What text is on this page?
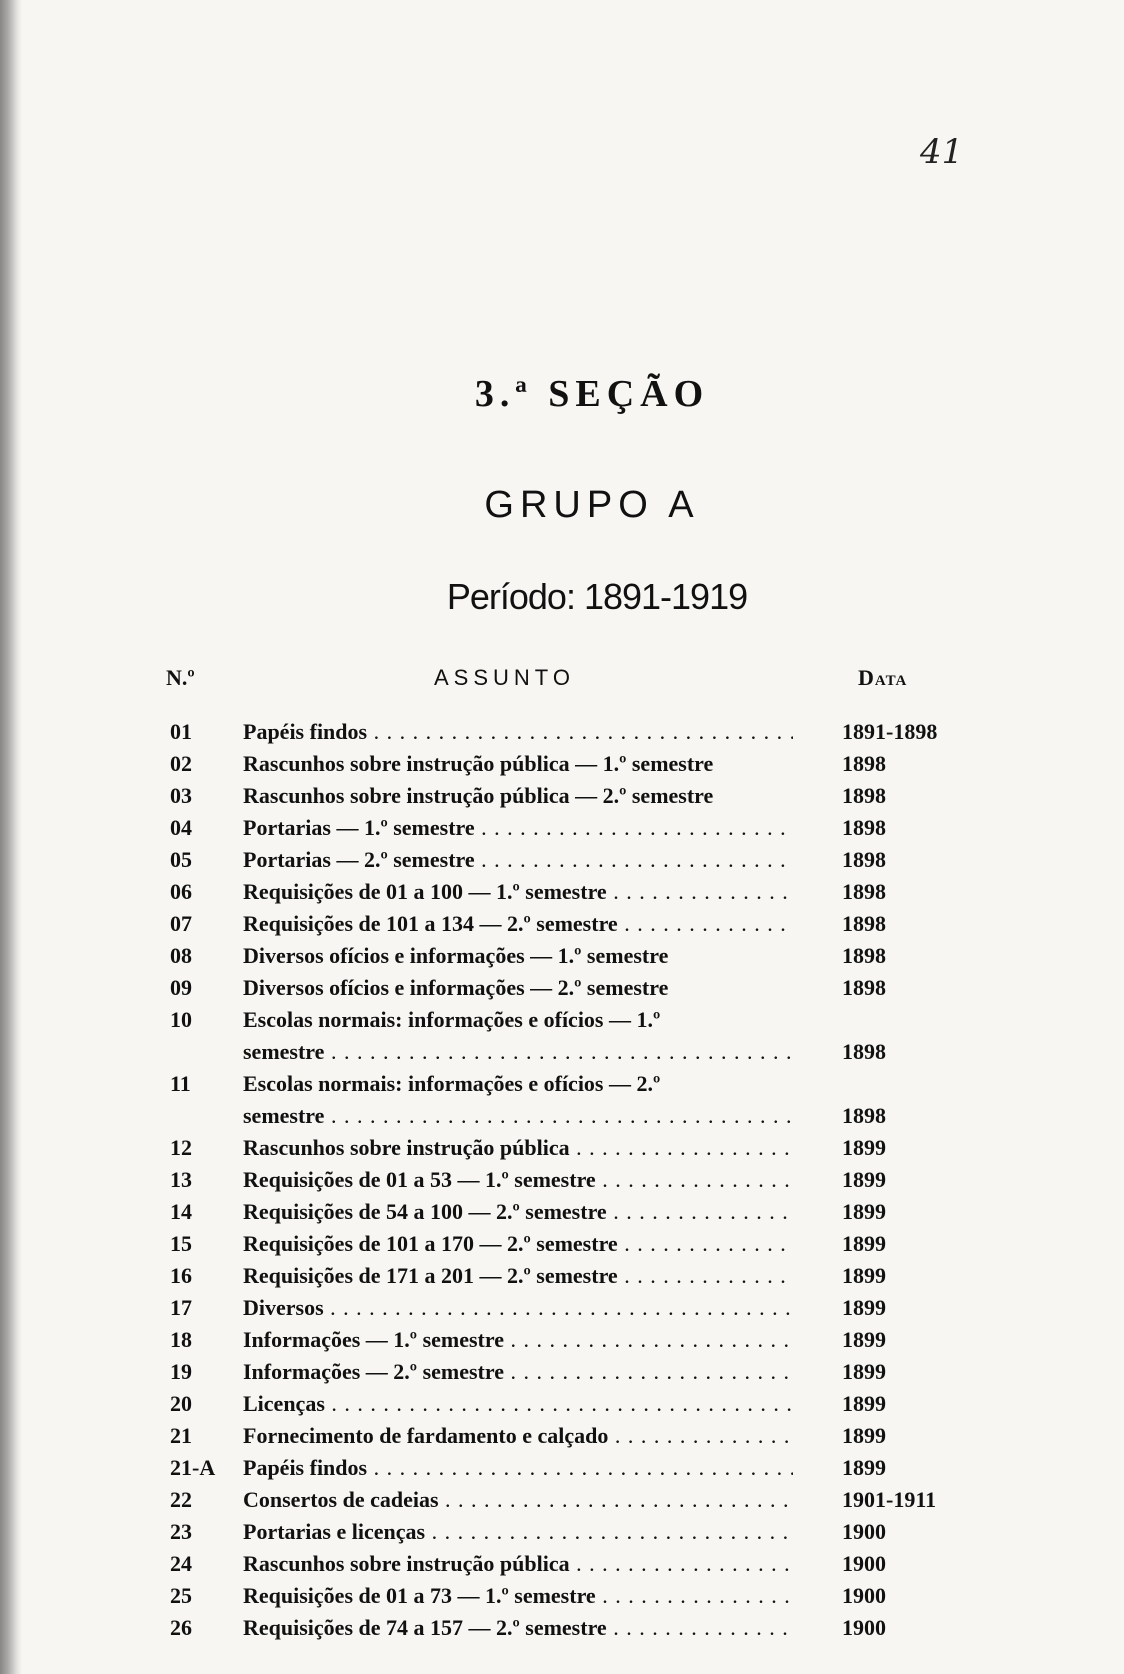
41
3.ª SEÇÃO
GRUPO A
Período: 1891-1919
N.º	ASSUNTO	Data
01	Papéis findos . . .	1891-1898
02	Rascunhos sobre instrução pública — 1.º semestre	1898
03	Rascunhos sobre instrução pública — 2.º semestre	1898
04	Portarias — 1.º semestre . . .	1898
05	Portarias — 2.º semestre . . .	1898
06	Requisições de 01 a 100 — 1.º semestre . . .	1898
07	Requisições de 101 a 134 — 2.º semestre . . .	1898
08	Diversos ofícios e informações — 1.º semestre	1898
09	Diversos ofícios e informações — 2.º semestre	1898
10	Escolas normais: informações e ofícios — 1.º
semestre . . .	1898
11	Escolas normais: informações e ofícios — 2.º
semestre . . .	1898
12	Rascunhos sobre instrução pública . . .	1899
13	Requisições de 01 a 53 — 1.º semestre . . .	1899
14	Requisições de 54 a 100 — 2.º semestre . . .	1899
15	Requisições de 101 a 170 — 2.º semestre . . .	1899
16	Requisições de 171 a 201 — 2.º semestre . . .	1899
17	Diversos . . .	1899
18	Informações — 1.º semestre . . .	1899
19	Informações — 2.º semestre . . .	1899
20	Licenças . . .	1899
21	Fornecimento de fardamento e calçado . . .	1899
21-A	Papéis findos . . .	1899
22	Consertos de cadeias . . .	1901-1911
23	Portarias e licenças . . .	1900
24	Rascunhos sobre instrução pública . . .	1900
25	Requisições de 01 a 73 — 1.º semestre . . .	1900
26	Requisições de 74 a 157 — 2.º semestre . . .	1900
